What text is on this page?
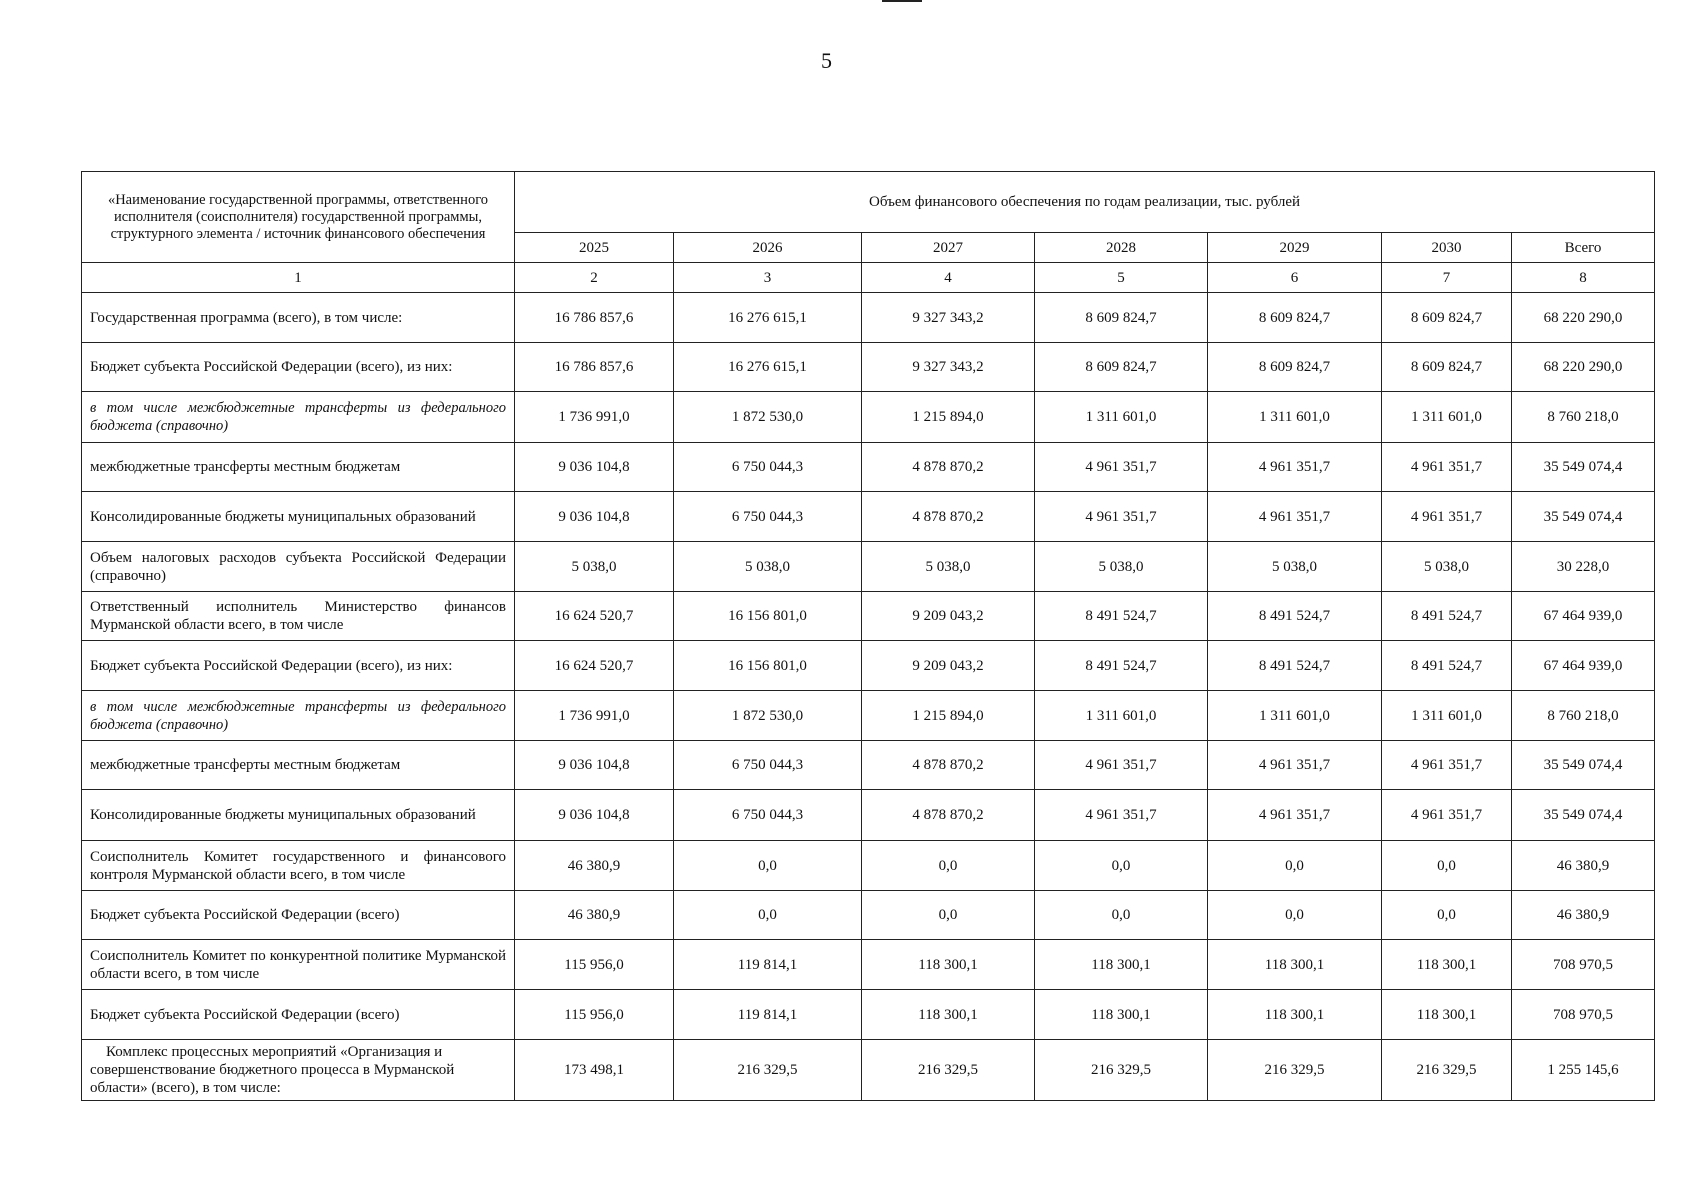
5
«Наименование государственной программы, ответственного исполнителя (соисполнителя) государственной программы, структурного элемента / источник финансового обеспечения	Объем финансового обеспечения по годам реализации, тыс. рублей						
	2025	2026	2027	2028	2029	2030	Всего
1	2	3	4	5	6	7	8
Государственная программа (всего), в том числе:	16 786 857,6	16 276 615,1	9 327 343,2	8 609 824,7	8 609 824,7	8 609 824,7	68 220 290,0
Бюджет субъекта Российской Федерации (всего), из них:	16 786 857,6	16 276 615,1	9 327 343,2	8 609 824,7	8 609 824,7	8 609 824,7	68 220 290,0
в том числе межбюджетные трансферты из федерального бюджета (справочно)	1 736 991,0	1 872 530,0	1 215 894,0	1 311 601,0	1 311 601,0	1 311 601,0	8 760 218,0
межбюджетные трансферты местным бюджетам	9 036 104,8	6 750 044,3	4 878 870,2	4 961 351,7	4 961 351,7	4 961 351,7	35 549 074,4
Консолидированные бюджеты муниципальных образований	9 036 104,8	6 750 044,3	4 878 870,2	4 961 351,7	4 961 351,7	4 961 351,7	35 549 074,4
Объем налоговых расходов субъекта Российской Федерации (справочно)	5 038,0	5 038,0	5 038,0	5 038,0	5 038,0	5 038,0	30 228,0
Ответственный исполнитель Министерство финансов Мурманской области всего, в том числе	16 624 520,7	16 156 801,0	9 209 043,2	8 491 524,7	8 491 524,7	8 491 524,7	67 464 939,0
Бюджет субъекта Российской Федерации (всего), из них:	16 624 520,7	16 156 801,0	9 209 043,2	8 491 524,7	8 491 524,7	8 491 524,7	67 464 939,0
в том числе межбюджетные трансферты из федерального бюджета (справочно)	1 736 991,0	1 872 530,0	1 215 894,0	1 311 601,0	1 311 601,0	1 311 601,0	8 760 218,0
межбюджетные трансферты местным бюджетам	9 036 104,8	6 750 044,3	4 878 870,2	4 961 351,7	4 961 351,7	4 961 351,7	35 549 074,4
Консолидированные бюджеты муниципальных образований	9 036 104,8	6 750 044,3	4 878 870,2	4 961 351,7	4 961 351,7	4 961 351,7	35 549 074,4
Соисполнитель Комитет государственного и финансового контроля Мурманской области всего, в том числе	46 380,9	0,0	0,0	0,0	0,0	0,0	46 380,9
Бюджет субъекта Российской Федерации (всего)	46 380,9	0,0	0,0	0,0	0,0	0,0	46 380,9
Соисполнитель Комитет по конкурентной политике Мурманской области всего, в том числе	115 956,0	119 814,1	118 300,1	118 300,1	118 300,1	118 300,1	708 970,5
Бюджет субъекта Российской Федерации (всего)	115 956,0	119 814,1	118 300,1	118 300,1	118 300,1	118 300,1	708 970,5
Комплекс процессных мероприятий «Организация и совершенствование бюджетного процесса в Мурманской области» (всего), в том числе:	173 498,1	216 329,5	216 329,5	216 329,5	216 329,5	216 329,5	1 255 145,6
